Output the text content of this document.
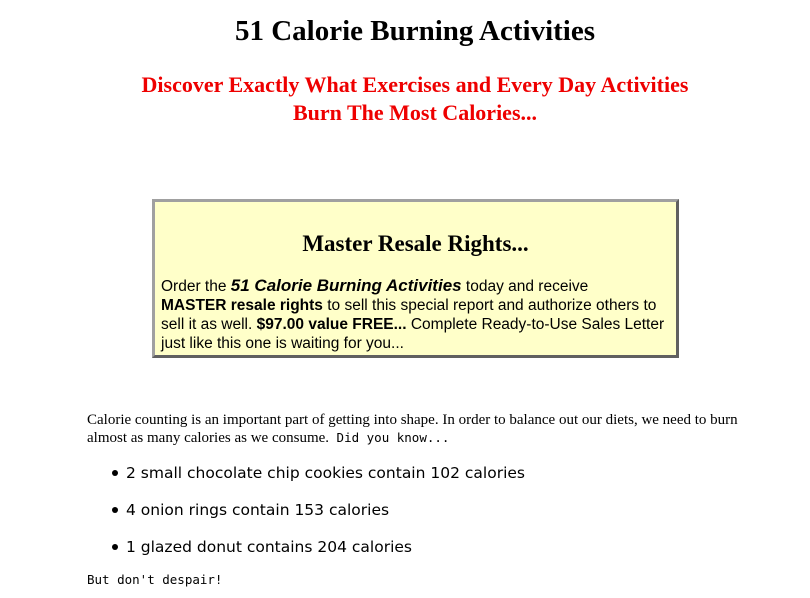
51 Calorie Burning Activities
Discover Exactly What Exercises and Every Day Activities
Burn The Most Calories...
Master Resale Rights...

Order the 51 Calorie Burning Activities today and receive
MASTER resale rights to sell this special report and authorize others to sell it as well. $97.00 value FREE... Complete Ready-to-Use Sales Letter just like this one is waiting for you...

Calorie counting is an important part of getting into shape. In order to balance out our diets, we need to burn almost as many calories as we consume. Did you know...

2 small chocolate chip cookies contain 102 calories
4 onion rings contain 153 calories
1 glazed donut contains 204 calories

But don't despair!
